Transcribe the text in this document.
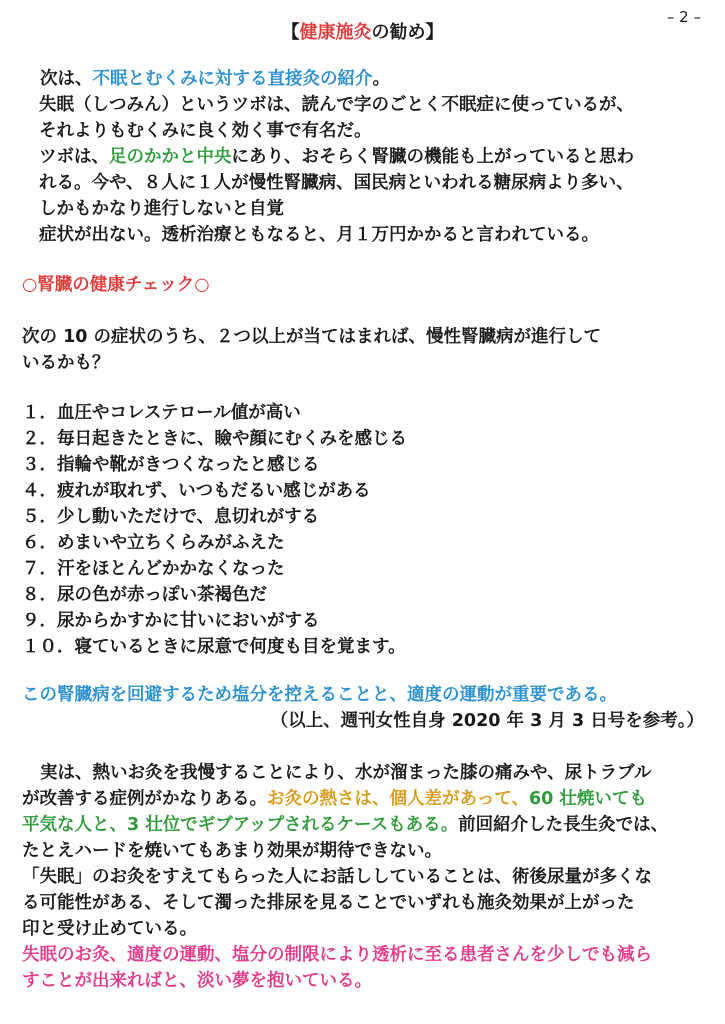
– 2 –
【健康施灸の勧め】
次は、不眠とむくみに対する直接灸の紹介。
失眠（しつみん）というツボは、読んで字のごとく不眠症に使っているが、
それよりもむくみに良く効く事で有名だ。
ツボは、足のかかと中央にあり、おそらく腎臓の機能も上がっていると思わ
れる。今や、８人に１人が慢性腎臓病、国民病といわれる糖尿病より多い、
しかもかなり進行しないと自覚
症状が出ない。透析治療ともなると、月１万円かかると言われている。
○腎臓の健康チェック○
次の 10 の症状のうち、２つ以上が当てはまれば、慢性腎臓病が進行して
いるかも？
１．血圧やコレステロール値が高い
２．毎日起きたときに、瞼や顔にむくみを感じる
３．指輪や靴がきつくなったと感じる
４．疲れが取れず、いつもだるい感じがある
５．少し動いただけで、息切れがする
６．めまいや立ちくらみがふえた
７．汗をほとんどかかなくなった
８．尿の色が赤っぽい茶褐色だ
９．尿からかすかに甘いにおいがする
１０．寝ているときに尿意で何度も目を覚ます。
この腎臓病を回避するため塩分を控えることと、適度の運動が重要である。
（以上、週刊女性自身 2020 年 3 月 3 日号を参考。）
実は、熱いお灸を我慢することにより、水が溜まった膝の痛みや、尿トラブル
が改善する症例がかなりある。お灸の熱さは、個人差があって、60 壮焼いても
平気な人と、3 壮位でギブアップされるケースもある。前回紹介した長生灸では、
たとえハードを焼いてもあまり効果が期待できない。
「失眠」のお灸をすえてもらった人にお話ししていることは、術後尿量が多くな
る可能性がある、そして濁った排尿を見ることでいずれも施灸効果が上がった
印と受け止めている。
失眠のお灸、適度の運動、塩分の制限により透析に至る患者さんを少しでも減ら
すことが出来ればと、淡い夢を抱いている。
